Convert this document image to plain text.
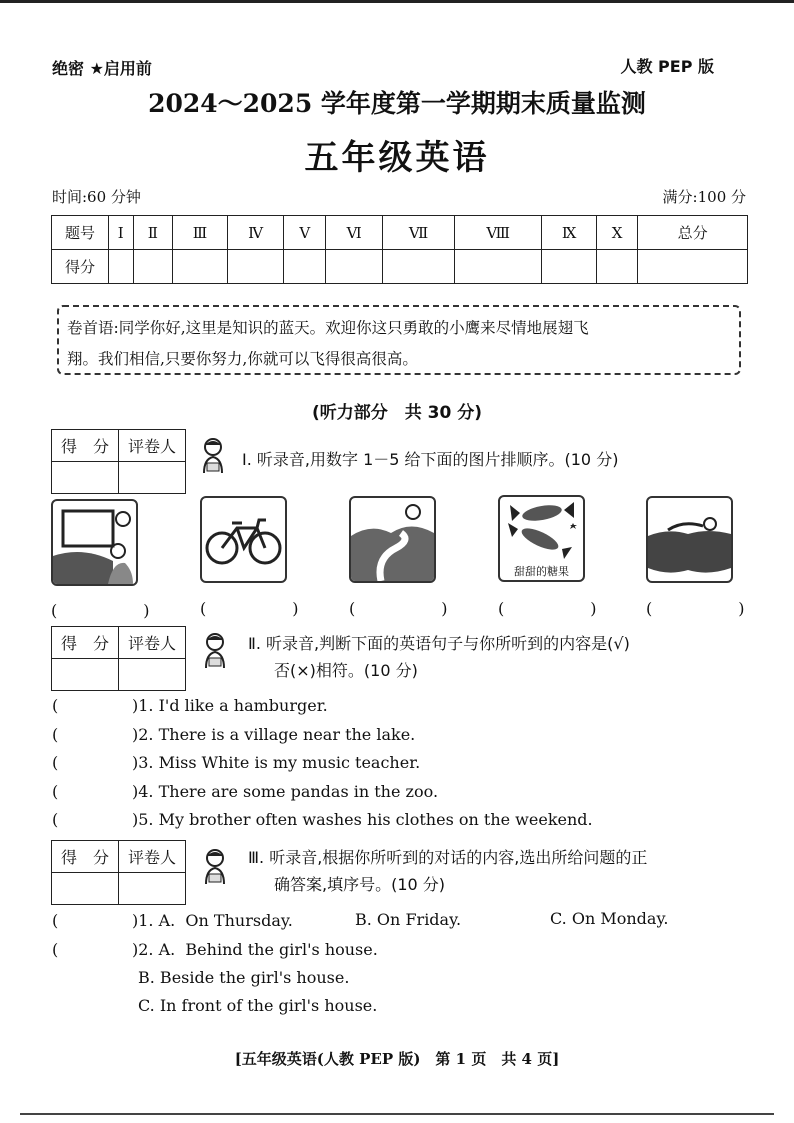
绝密 ★启用前	人教 PEP 版
2024～2025 学年度第一学期期末质量监测
五年级英语
时间:60 分钟	满分:100 分
题号	Ⅰ	Ⅱ	Ⅲ	Ⅳ	Ⅴ	Ⅵ	Ⅶ	Ⅷ	Ⅸ	Ⅹ	总分
得分											
卷首语:同学你好,这里是知识的蓝天。欢迎你这只勇敢的小鹰来尽情地展翅飞
翔。我们相信,只要你努力,你就可以飞得很高很高。
(听力部分　共 30 分)
得　分	评卷人

Ⅰ. 听录音,用数字 1－5 给下面的图片排顺序。(10 分)
甜甜的糖果
(　　) (　　) (　　) (　　) (　　)
得　分	评卷人
		Ⅱ. 听录音,判断下面的英语句子与你所听到的内容是(√)
否(×)相符。(10 分)
(	)1. I'd like a hamburger.
(	)2. There is a village near the lake.
(	)3. Miss White is my music teacher.
(	)4. There are some pandas in the zoo.
(	)5. My brother often washes his clothes on the weekend.
得　分	评卷人
		Ⅲ. 听录音,根据你所听到的对话的内容,选出所给问题的正
确答案,填序号。(10 分)
(	)1. A.  On Thursday.	B. On Friday.	C. On Monday.
(	)2. A.  Behind the girl's house.
B. Beside the girl's house.
C. In front of the girl's house.
[五年级英语(人教 PEP 版)　第 1 页　共 4 页]
